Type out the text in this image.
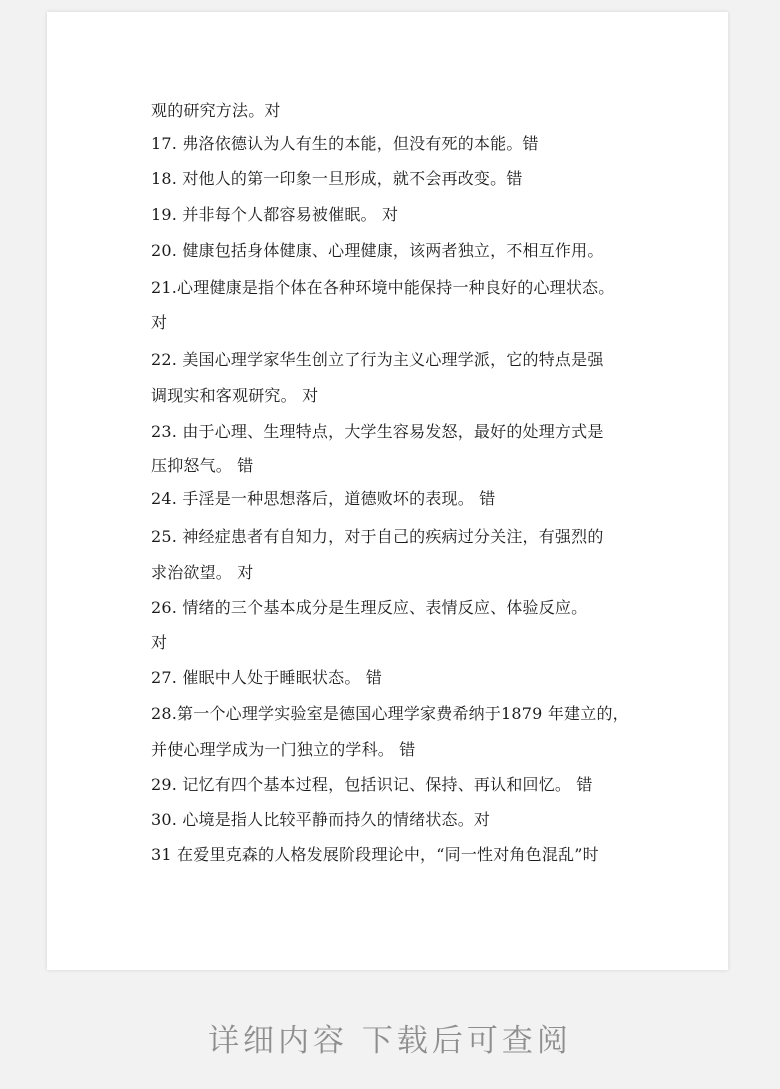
观的研究方法。对
17. 弗洛依德认为人有生的本能，但没有死的本能。错
18. 对他人的第一印象一旦形成，就不会再改变。错
19. 并非每个人都容易被催眠。 对
20. 健康包括身体健康、心理健康，该两者独立，不相互作用。
21.心理健康是指个体在各种环境中能保持一种良好的心理状态。
对
22. 美国心理学家华生创立了行为主义心理学派，它的特点是强
调现实和客观研究。 对
23. 由于心理、生理特点，大学生容易发怒，最好的处理方式是
压抑怒气。 错
24. 手淫是一种思想落后，道德败坏的表现。 错
25. 神经症患者有自知力，对于自己的疾病过分关注，有强烈的
求治欲望。 对
26. 情绪的三个基本成分是生理反应、表情反应、体验反应。
对
27. 催眠中人处于睡眠状态。 错
28.第一个心理学实验室是德国心理学家费希纳于1879 年建立的，
并使心理学成为一门独立的学科。 错
29. 记忆有四个基本过程，包括识记、保持、再认和回忆。 错
30. 心境是指人比较平静而持久的情绪状态。对
31 在爱里克森的人格发展阶段理论中，“同一性对角色混乱”时
详细内容 下载后可查阅
